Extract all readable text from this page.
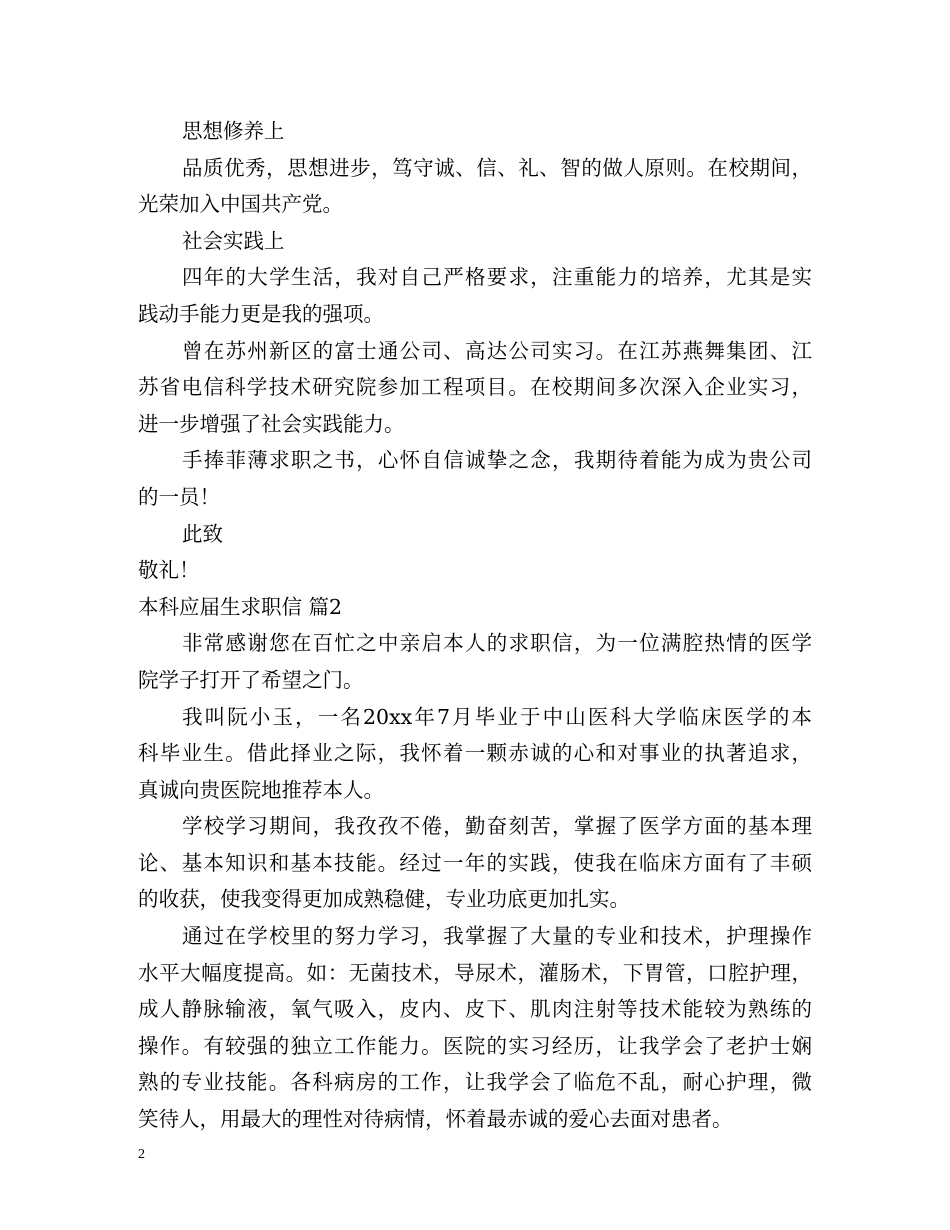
思想修养上
品质优秀，思想进步，笃守诚、信、礼、智的做人原则。在校期间，
光荣加入中国共产党。
社会实践上
四年的大学生活，我对自己严格要求，注重能力的培养，尤其是实
践动手能力更是我的强项。
曾在苏州新区的富士通公司、高达公司实习。在江苏燕舞集团、江
苏省电信科学技术研究院参加工程项目。在校期间多次深入企业实习，
进一步增强了社会实践能力。
手捧菲薄求职之书，心怀自信诚挚之念，我期待着能为成为贵公司
的一员！
此致
敬礼！
本科应届生求职信 篇2
非常感谢您在百忙之中亲启本人的求职信，为一位满腔热情的医学
院学子打开了希望之门。
我叫阮小玉，一名20xx年7月毕业于中山医科大学临床医学的本
科毕业生。借此择业之际，我怀着一颗赤诚的心和对事业的执著追求，
真诚向贵医院地推荐本人。
学校学习期间，我孜孜不倦，勤奋刻苦，掌握了医学方面的基本理
论、基本知识和基本技能。经过一年的实践，使我在临床方面有了丰硕
的收获，使我变得更加成熟稳健，专业功底更加扎实。
通过在学校里的努力学习，我掌握了大量的专业和技术，护理操作
水平大幅度提高。如：无菌技术，导尿术，灌肠术，下胃管，口腔护理，
成人静脉输液，氧气吸入，皮内、皮下、肌肉注射等技术能较为熟练的
操作。有较强的独立工作能力。医院的实习经历，让我学会了老护士娴
熟的专业技能。各科病房的工作，让我学会了临危不乱，耐心护理，微
笑待人，用最大的理性对待病情，怀着最赤诚的爱心去面对患者。
2
